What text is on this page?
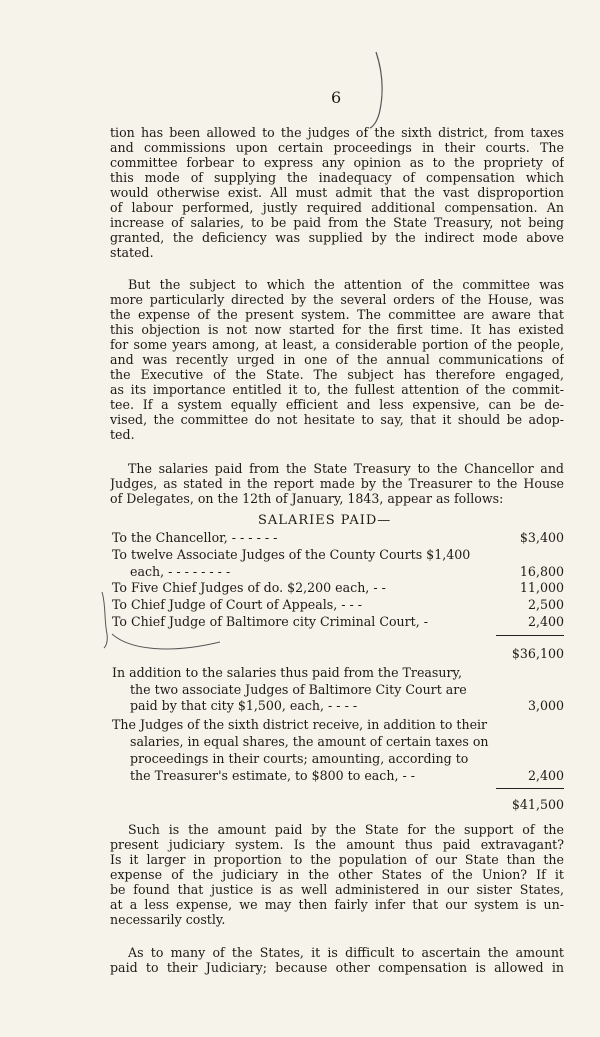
6
tion has been allowed to the judges of the sixth district, from taxes
and commissions upon certain proceedings in their courts. The
committee forbear to express any opinion as to the propriety of
this mode of supplying the inadequacy of compensation which
would otherwise exist. All must admit that the vast disproportion
of labour performed, justly required additional compensation. An
increase of salaries, to be paid from the State Treasury, not being
granted, the deficiency was supplied by the indirect mode above
stated.
But the subject to which the attention of the committee was
more particularly directed by the several orders of the House, was
the expense of the present system. The committee are aware that
this objection is not now started for the first time. It has existed
for some years among, at least, a considerable portion of the people,
and was recently urged in one of the annual communications of
the Executive of the State. The subject has therefore engaged,
as its importance entitled it to, the fullest attention of the commit-
tee. If a system equally efficient and less expensive, can be de-
vised, the committee do not hesitate to say, that it should be adop-
ted.
The salaries paid from the State Treasury to the Chancellor and
Judges, as stated in the report made by the Treasurer to the House
of Delegates, on the 12th of January, 1843, appear as follows:
SALARIES PAID—
To the Chancellor, - - - - - -	$3,400
To twelve Associate Judges of the County Courts $1,400
each, - - - - - - - -	16,800
To Five Chief Judges of do. $2,200 each, - -	11,000
To Chief Judge of Court of Appeals, - - -	2,500
To Chief Judge of Baltimore city Criminal Court, -	2,400
$36,100
In addition to the salaries thus paid from the Treasury,
the two associate Judges of Baltimore City Court are
paid by that city $1,500, each, - - - -	3,000
The Judges of the sixth district receive, in addition to their
salaries, in equal shares, the amount of certain taxes on
proceedings in their courts; amounting, according to
the Treasurer's estimate, to $800 to each, - -	2,400
$41,500
Such is the amount paid by the State for the support of the
present judiciary system. Is the amount thus paid extravagant?
Is it larger in proportion to the population of our State than the
expense of the judiciary in the other States of the Union? If it
be found that justice is as well administered in our sister States,
at a less expense, we may then fairly infer that our system is un-
necessarily costly.
As to many of the States, it is difficult to ascertain the amount
paid to their Judiciary; because other compensation is allowed in
